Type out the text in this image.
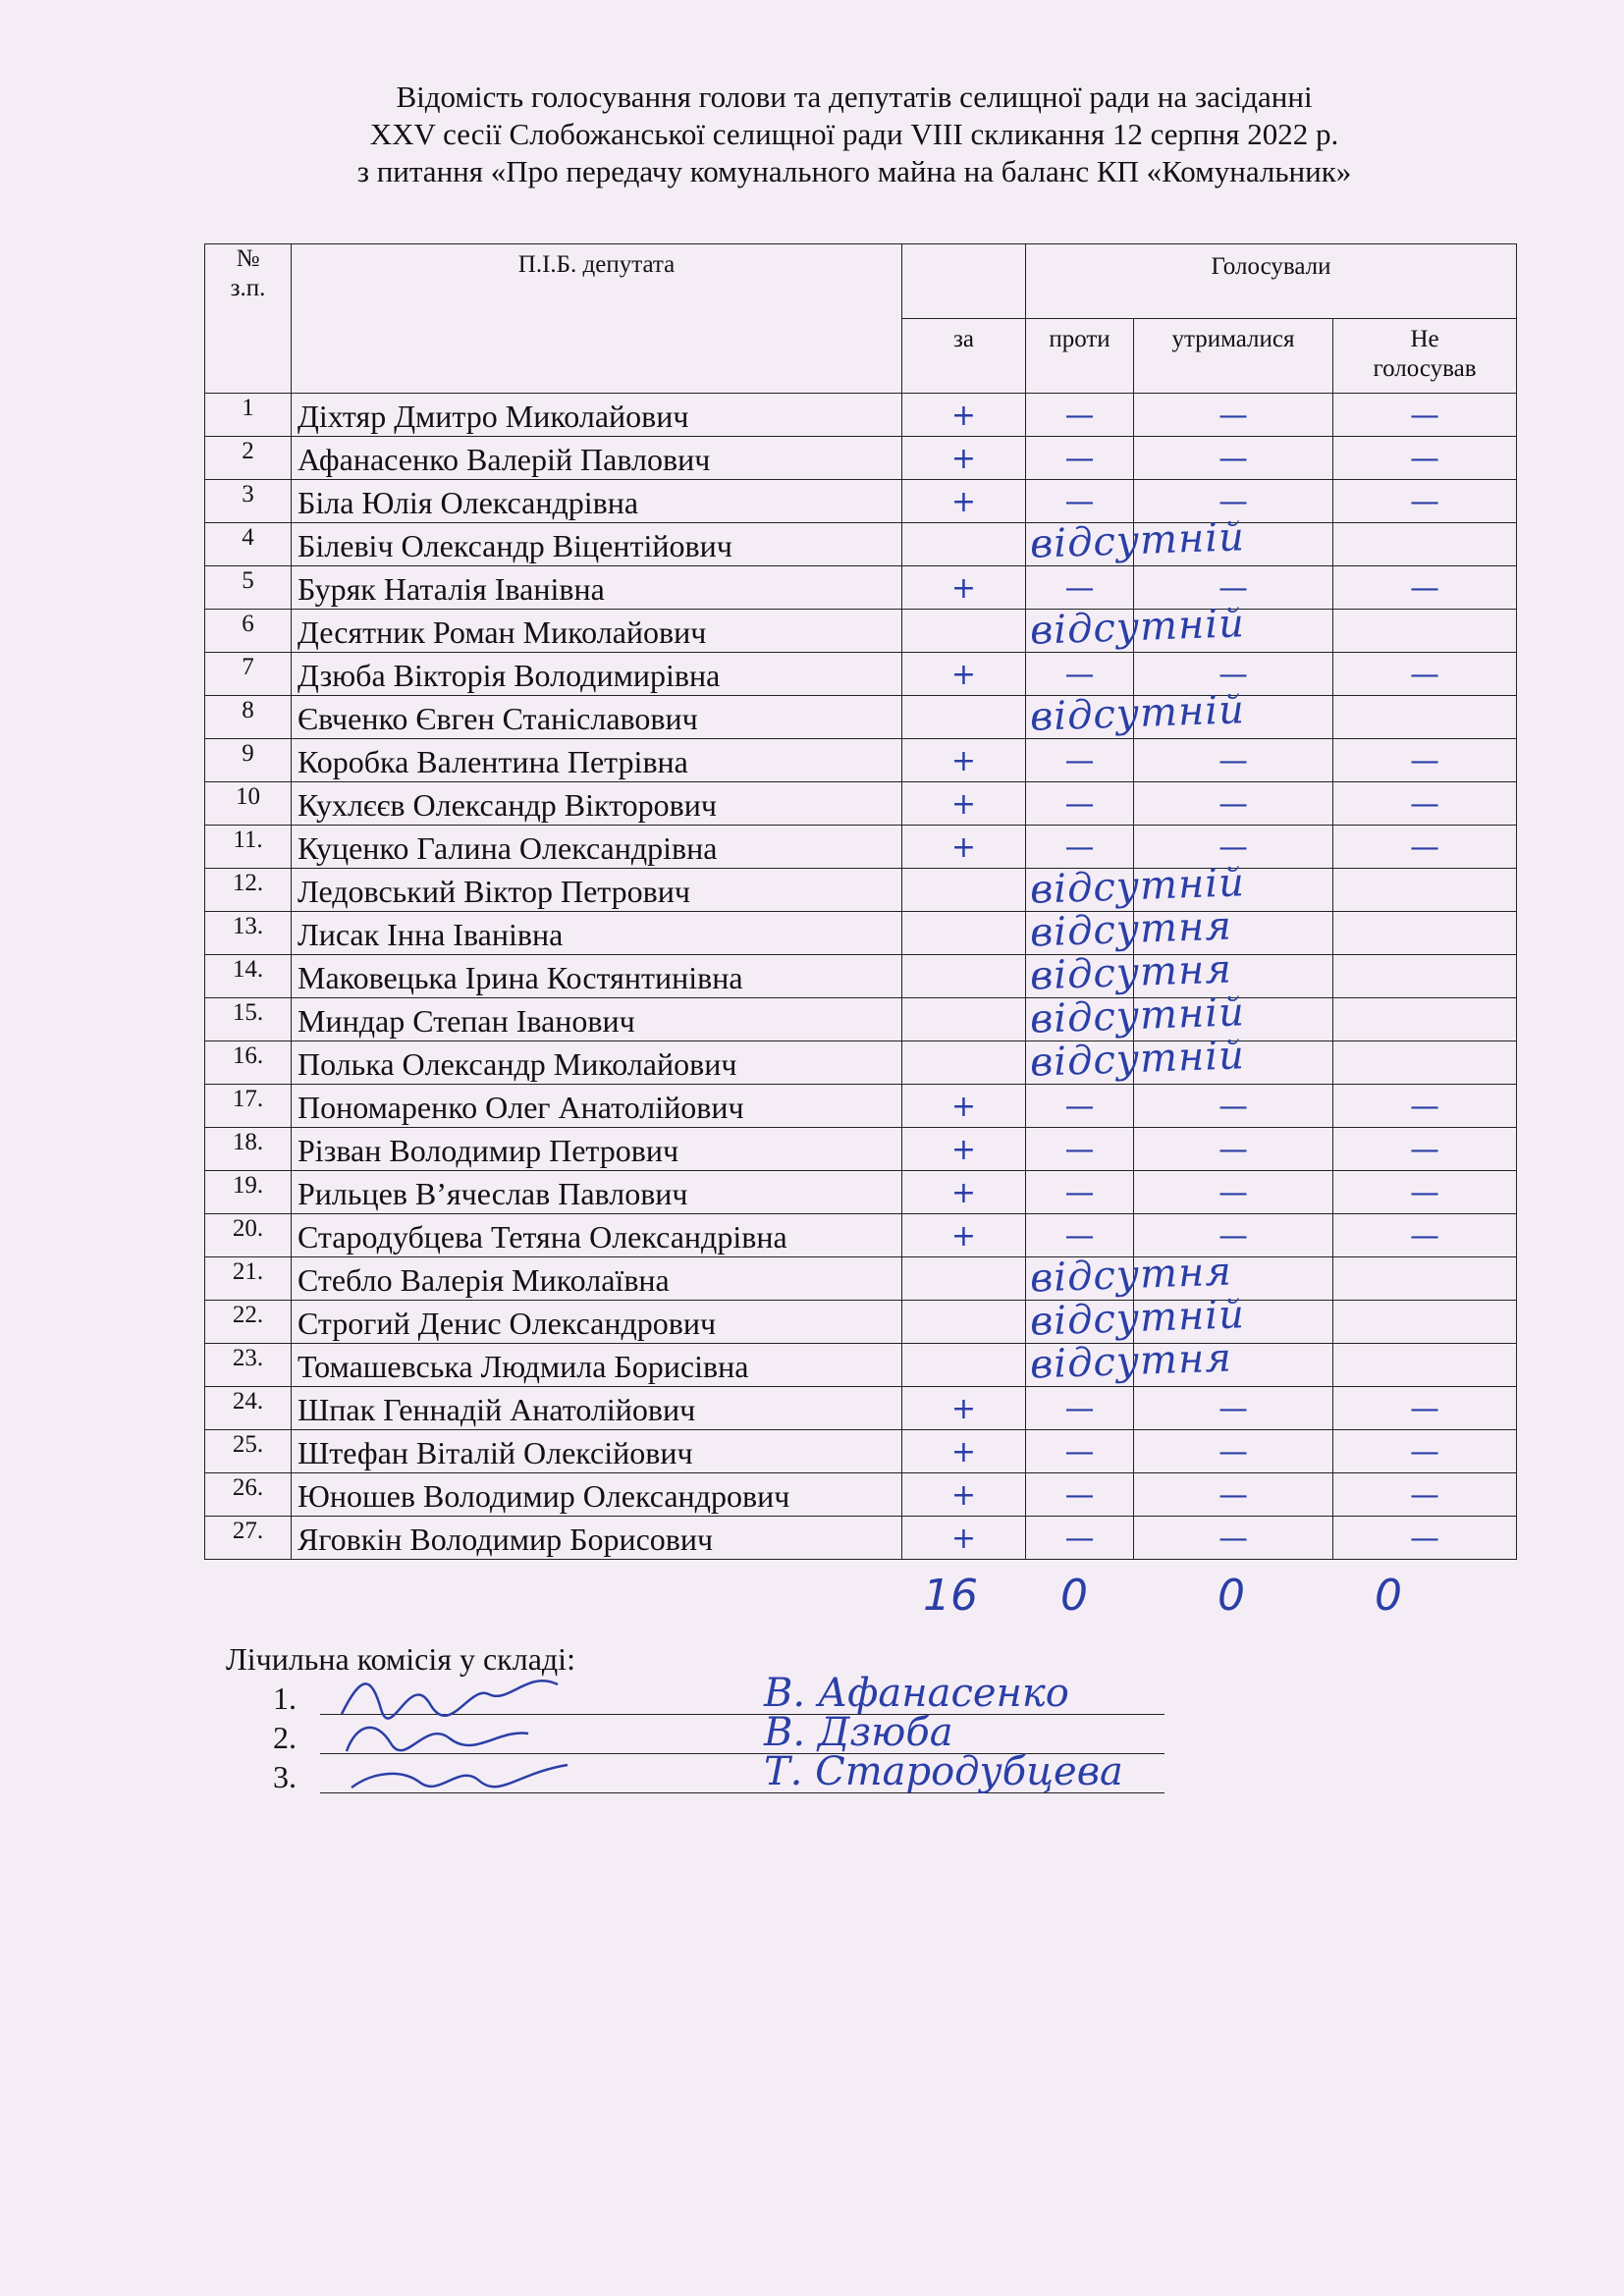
Відомість голосування голови та депутатів селищної ради на засіданні
XXV сесії Слобожанської селищної ради VIII скликання 12 серпня 2022 р.
з питання «Про передачу комунального майна на баланс КП «Комунальник»
№
з.п.	П.І.Б. депутата		Голосували		
		за	проти	утрималися	Не
голосував

1	Діхтяр Дмитро Миколайович	+	—	—	—
2	Афанасенко Валерій Павлович	+	—	—	—
3	Біла Юлія Олександрівна	+	—	—	—
4	Білевіч Олександр Віцентійович	відсутній			

5	Буряк Наталія Іванівна	+	—	—	—
6	Десятник Роман Миколайович	відсутній			

7	Дзюба Вікторія Володимирівна	+	—	—	—
8	Євченко Євген Станіславович	відсутній			

9	Коробка Валентина Петрівна	+	—	—	—
10	Кухлєєв Олександр Вікторович	+	—	—	—
11.	Куценко Галина Олександрівна	+	—	—	—
12.	Ледовський Віктор Петрович	відсутній			

13.	Лисак Інна Іванівна	відсутня			

14.	Маковецька Ірина Костянтинівна	відсутня			

15.	Миндар Степан Іванович	відсутній			

16.	Полька Олександр Миколайович	відсутній			

17.	Пономаренко Олег Анатолійович	+	—	—	—
18.	Різван Володимир Петрович	+	—	—	—
19.	Рильцев В’ячеслав Павлович	+	—	—	—
20.	Стародубцева Тетяна Олександрівна	+	—	—	—
21.	Стебло Валерія Миколаївна	відсутня			

22.	Строгий Денис Олександрович	відсутній			

23.	Томашевська Людмила Борисівна	відсутня			

24.	Шпак Геннадій Анатолійович	+	—	—	—
25.	Штефан Віталій Олексійович	+	—	—	—
26.	Юношев Володимир Олександрович	+	—	—	—
27.	Яговкін Володимир Борисович	+	—	—	—
16 0	0	0
Лічильна комісія у складі:
1.	В. Афанасенко
2.	В. Дзюба
3.	Т. Стародубцева
